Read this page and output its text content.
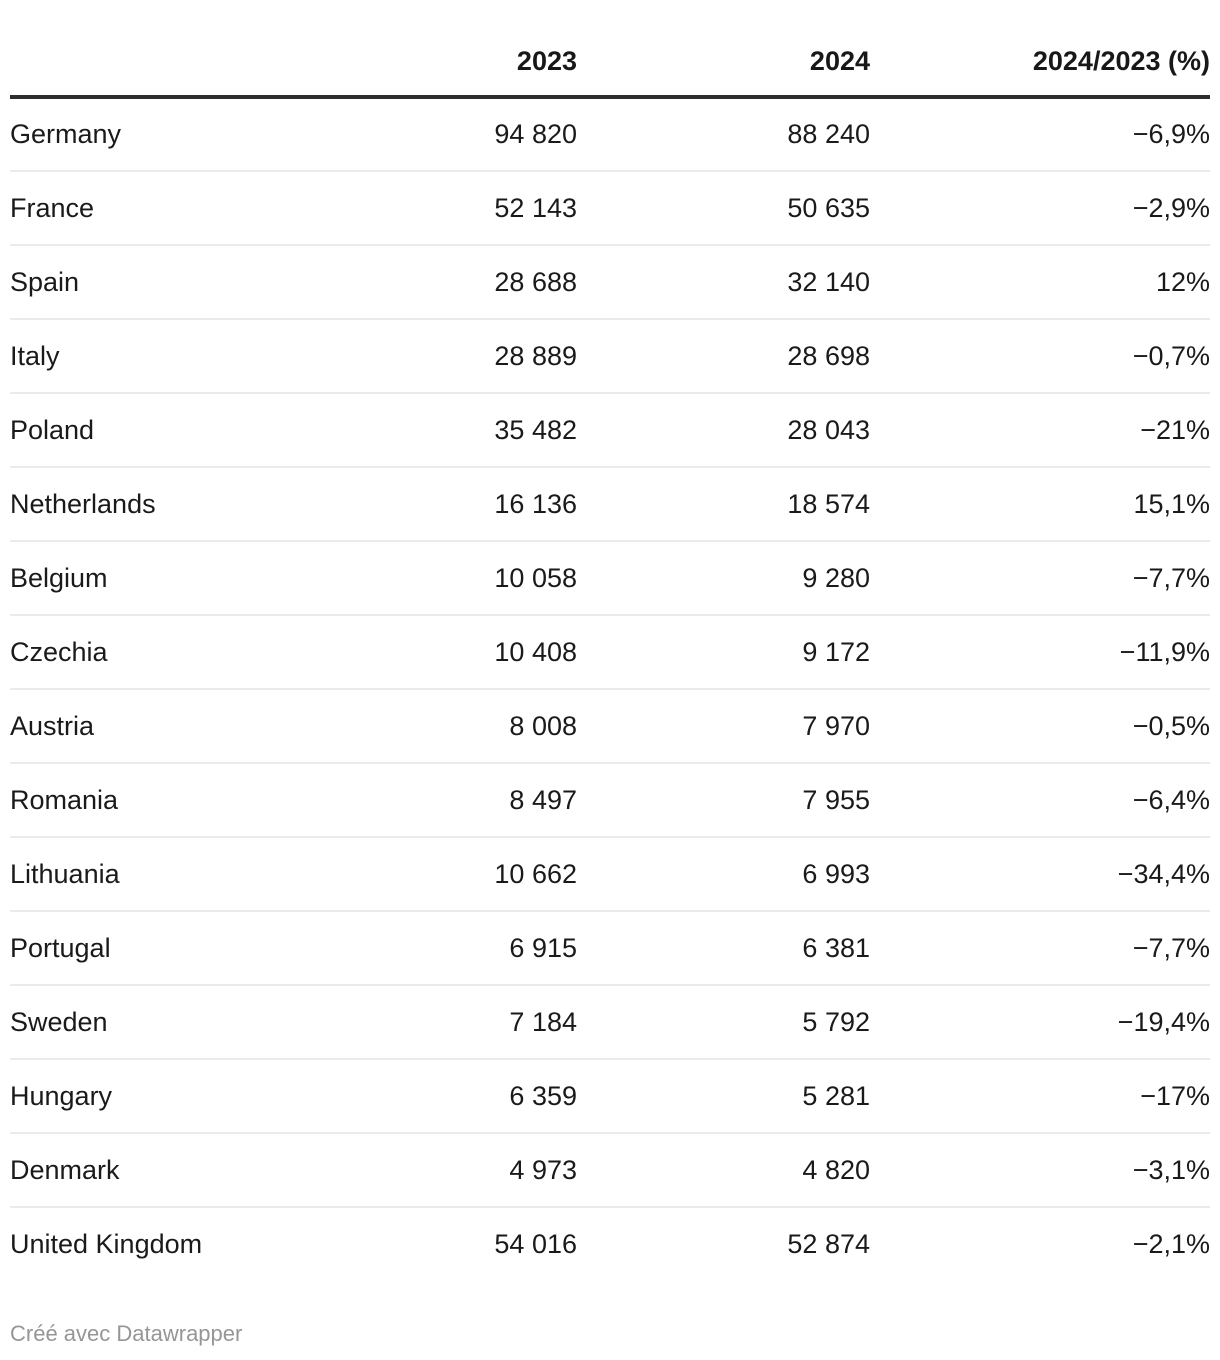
	2023	2024	2024/2023 (%)
Germany	94 820	88 240	−6,9%
France	52 143	50 635	−2,9%
Spain	28 688	32 140	12%
Italy	28 889	28 698	−0,7%
Poland	35 482	28 043	−21%
Netherlands	16 136	18 574	15,1%
Belgium	10 058	9 280	−7,7%
Czechia	10 408	9 172	−11,9%
Austria	8 008	7 970	−0,5%
Romania	8 497	7 955	−6,4%
Lithuania	10 662	6 993	−34,4%
Portugal	6 915	6 381	−7,7%
Sweden	7 184	5 792	−19,4%
Hungary	6 359	5 281	−17%
Denmark	4 973	4 820	−3,1%
United Kingdom	54 016	52 874	−2,1%
Créé avec Datawrapper
